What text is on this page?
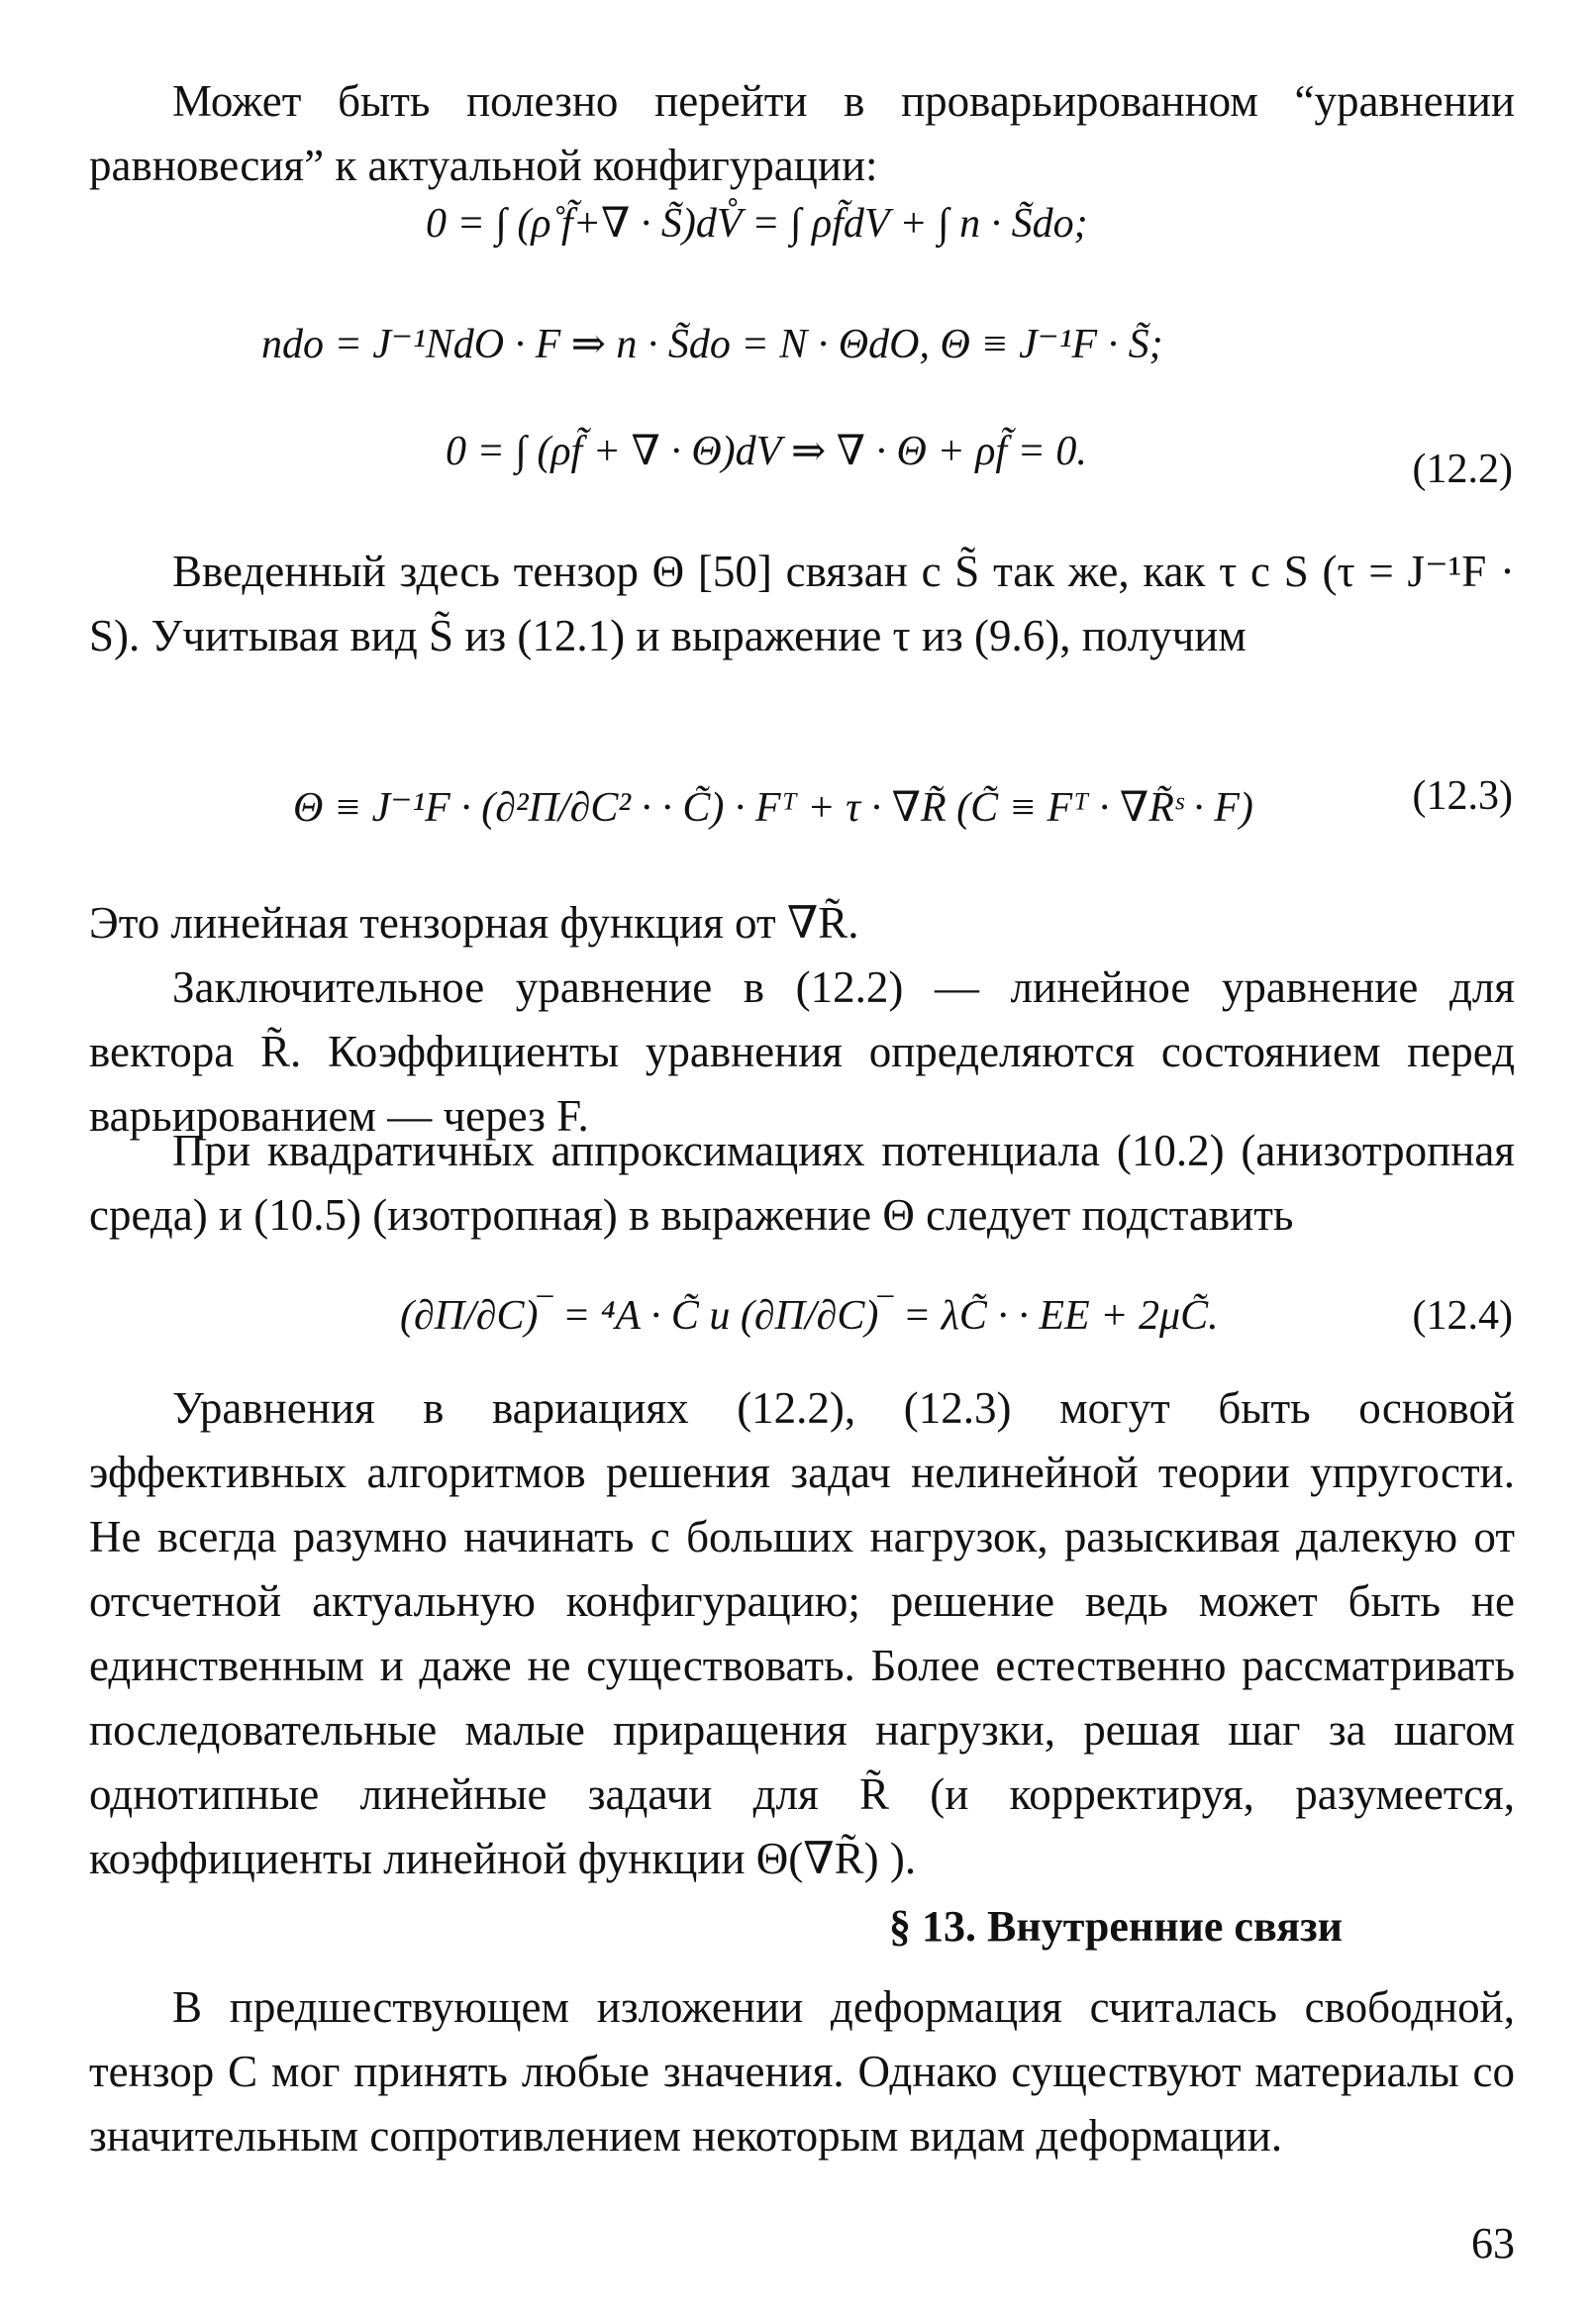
Может быть полезно перейти в проварьированном “уравнении равновесия” к актуальной конфигурации:

0 = ∫ (ρ̊ f̃+∇ · S̃)dV̊ = ∫ ρf̃dV + ∫ n · S̃do;
ndo = J⁻¹NdO · F ⇒ n · S̃do = N · ΘdO, Θ ≡ J⁻¹F · S̃;
0 = ∫ (ρf̃ + ∇ · Θ)dV ⇒ ∇ · Θ + ρf̃ = 0.	(12.2)

Введенный здесь тензор Θ [50] связан с S̃ так же, как τ с S (τ = J⁻¹F · S). Учитывая вид S̃ из (12.1) и выражение τ из (9.6), получим

Θ ≡ J⁻¹F · (∂²Π/∂C² · · C̃) · Fᵀ + τ · ∇R̃ (C̃ ≡ Fᵀ · ∇R̃ˢ · F)	(12.3)

Это линейная тензорная функция от ∇R̃.

Заключительное уравнение в (12.2) — линейное уравнение для вектора R̃. Коэффициенты уравнения определяются состоянием перед варьированием — через F.

При квадратичных аппроксимациях потенциала (10.2) (анизотропная среда) и (10.5) (изотропная) в выражение Θ следует подставить

(∂Π/∂C)‾ = ⁴A · C̃ и (∂Π/∂C)‾ = λC̃ · · EE + 2μC̃.	(12.4)

Уравнения в вариациях (12.2), (12.3) могут быть основой эффективных алгоритмов решения задач нелинейной теории упругости. Не всегда разумно начинать с больших нагрузок, разыскивая далекую от отсчетной актуальную конфигурацию; решение ведь может быть не единственным и даже не существовать. Более естественно рассматривать последовательные малые приращения нагрузки, решая шаг за шагом однотипные линейные задачи для R̃ (и корректируя, разумеется, коэффициенты линейной функции Θ(∇R̃) ).

§ 13. Внутренние связи

В предшествующем изложении деформация считалась свободной, тензор C мог принять любые значения. Однако существуют материалы со значительным сопротивлением некоторым видам деформации.

63
